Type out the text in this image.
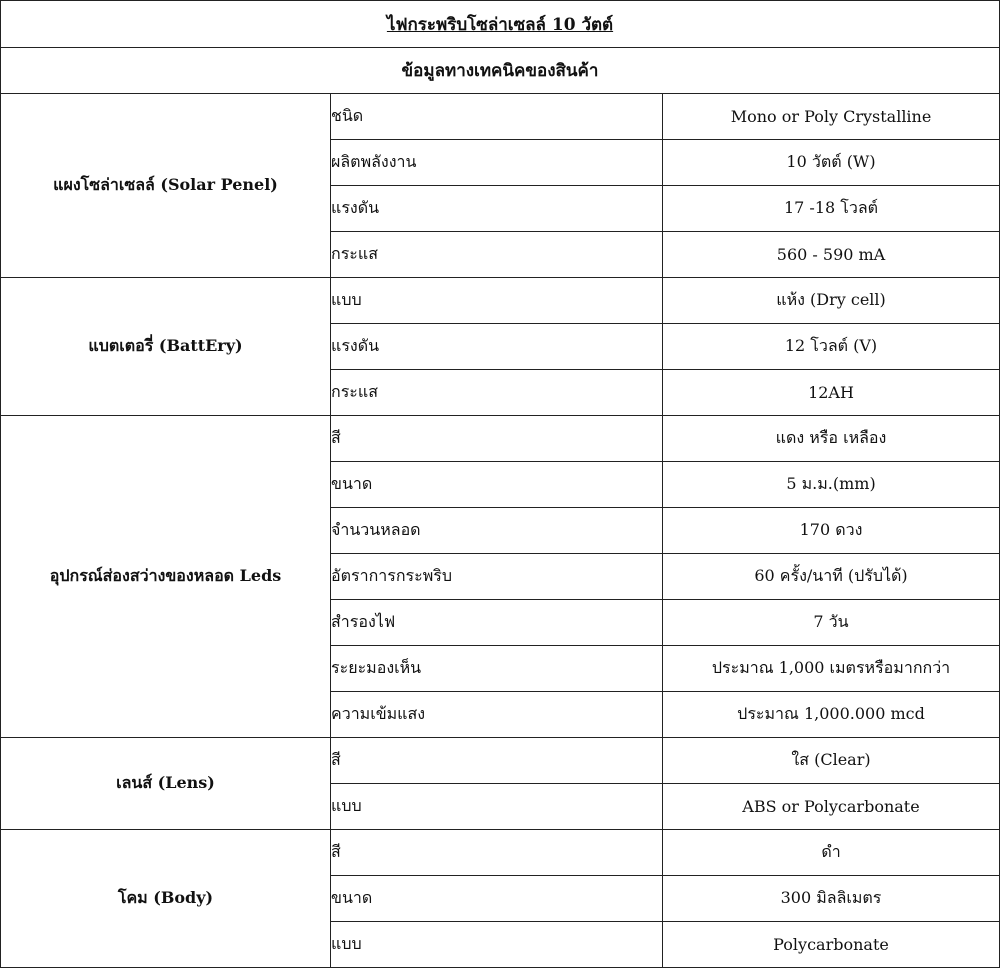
ไฟกระพริบโซล่าเซลล์ 10 วัตต์		
ข้อมูลทางเทคนิคของสินค้า		
แผงโซล่าเซลล์ (Solar Penel)	ชนิด	Mono or Poly Crystalline
	ผลิตพลังงาน	10 วัตต์ (W)
	แรงดัน	17 -18 โวลต์
	กระแส	560 - 590 mA
แบตเตอรี่ (BattEry)	แบบ	แห้ง (Dry cell)
	แรงดัน	12 โวลต์ (V)
	กระแส	12AH
อุปกรณ์ส่องสว่างของหลอด Leds	สี	แดง หรือ เหลือง
	ขนาด	5 ม.ม.(mm)
	จำนวนหลอด	170 ดวง
	อัตราการกระพริบ	60 ครั้ง/นาที (ปรับได้)
	สำรองไฟ	7 วัน
	ระยะมองเห็น	ประมาณ 1,000 เมตรหรือมากกว่า
	ความเข้มแสง	ประมาณ 1,000.000 mcd
เลนส์ (Lens)	สี	ใส (Clear)
	แบบ	ABS or Polycarbonate
โคม (Body)	สี	ดำ
	ขนาด	300 มิลลิเมตร
	แบบ	Polycarbonate
